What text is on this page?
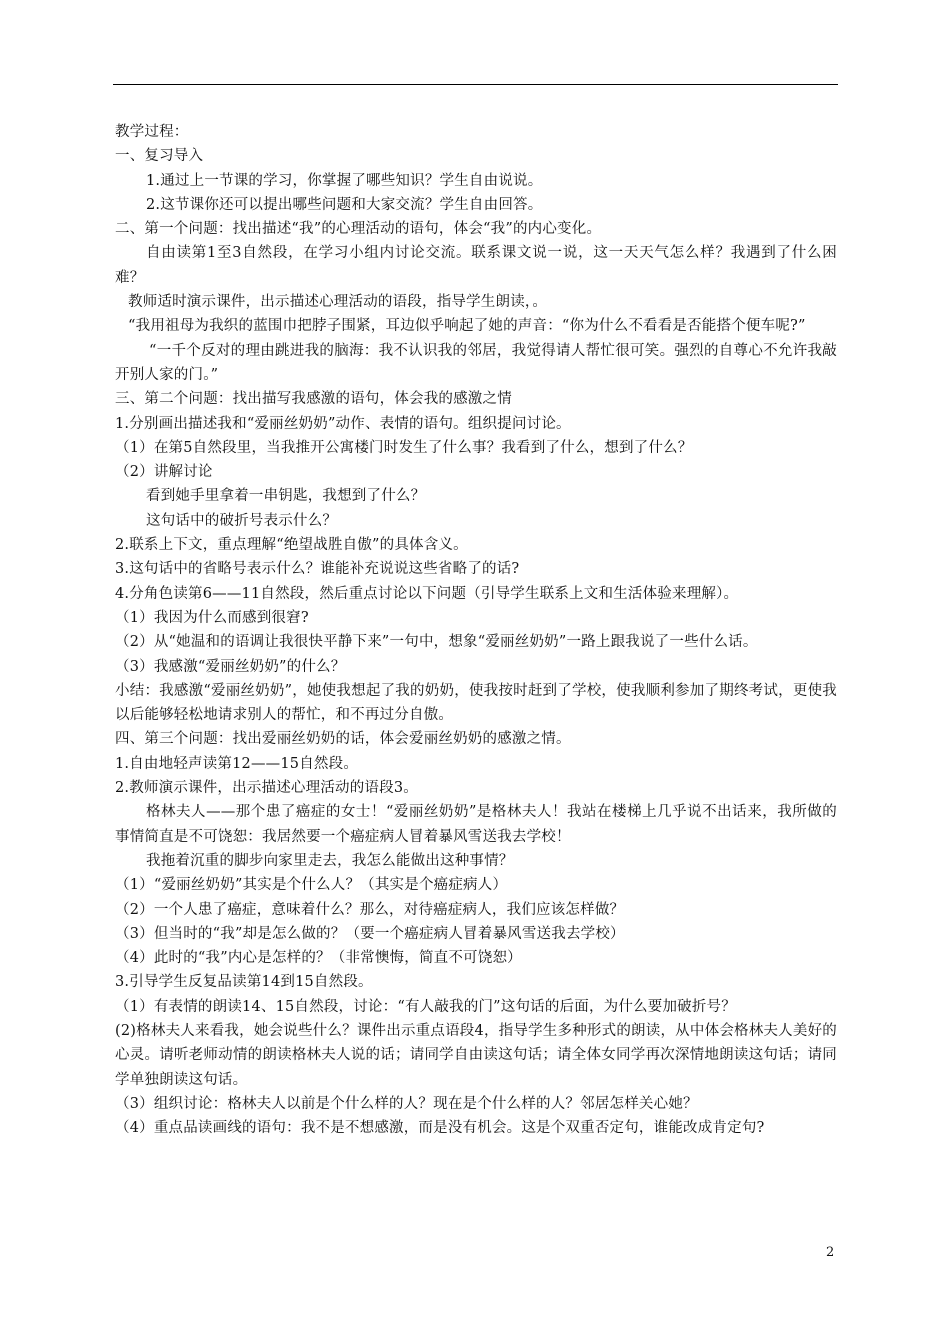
教学过程：
一、复习导入
1.通过上一节课的学习，你掌握了哪些知识？学生自由说说。
2.这节课你还可以提出哪些问题和大家交流？学生自由回答。
二、第一个问题：找出描述“我”的心理活动的语句，体会“我”的内心变化。
自由读第1至3自然段，在学习小组内讨论交流。联系课文说一说，这一天天气怎么样？我遇到了什么困难？
教师适时演示课件，出示描述心理活动的语段，指导学生朗读，。
“我用祖母为我织的蓝围巾把脖子围紧，耳边似乎响起了她的声音：“你为什么不看看是否能搭个便车呢?”
“一千个反对的理由跳进我的脑海：我不认识我的邻居，我觉得请人帮忙很可笑。强烈的自尊心不允许我敲开别人家的门。”
三、第二个问题：找出描写我感激的语句，体会我的感激之情
1.分别画出描述我和“爱丽丝奶奶”动作、表情的语句。组织提问讨论。
（1）在第5自然段里，当我推开公寓楼门时发生了什么事？我看到了什么，想到了什么？
（2）讲解讨论
看到她手里拿着一串钥匙，我想到了什么？
这句话中的破折号表示什么？
2.联系上下文，重点理解“绝望战胜自傲”的具体含义。
3.这句话中的省略号表示什么？谁能补充说说这些省略了的话?
4.分角色读第6——11自然段，然后重点讨论以下问题（引导学生联系上文和生活体验来理解）。
（1）我因为什么而感到很窘?
（2）从“她温和的语调让我很快平静下来”一句中，想象“爱丽丝奶奶”一路上跟我说了一些什么话。
（3）我感激“爱丽丝奶奶”的什么？
小结：我感激“爱丽丝奶奶”，她使我想起了我的奶奶，使我按时赶到了学校，使我顺利参加了期终考试，更使我以后能够轻松地请求别人的帮忙，和不再过分自傲。
四、第三个问题：找出爱丽丝奶奶的话，体会爱丽丝奶奶的感激之情。
1.自由地轻声读第12——15自然段。
2.教师演示课件，出示描述心理活动的语段3。
格林夫人——那个患了癌症的女士！“爱丽丝奶奶”是格林夫人！我站在楼梯上几乎说不出话来，我所做的事情简直是不可饶恕：我居然要一个癌症病人冒着暴风雪送我去学校！
我拖着沉重的脚步向家里走去，我怎么能做出这种事情？
（1）“爱丽丝奶奶”其实是个什么人？（其实是个癌症病人）
（2）一个人患了癌症，意味着什么？那么，对待癌症病人，我们应该怎样做？
（3）但当时的“我”却是怎么做的？（要一个癌症病人冒着暴风雪送我去学校）
（4）此时的“我”内心是怎样的？（非常懊悔，简直不可饶恕）
3.引导学生反复品读第14到15自然段。
（1）有表情的朗读14、15自然段，讨论：“有人敲我的门”这句话的后面，为什么要加破折号？
(2)格林夫人来看我，她会说些什么？课件出示重点语段4，指导学生多种形式的朗读，从中体会格林夫人美好的心灵。请听老师动情的朗读格林夫人说的话；请同学自由读这句话；请全体女同学再次深情地朗读这句话；请同学单独朗读这句话。
（3）组织讨论：格林夫人以前是个什么样的人？现在是个什么样的人？邻居怎样关心她？
（4）重点品读画线的语句：我不是不想感激，而是没有机会。这是个双重否定句，谁能改成肯定句?
2
